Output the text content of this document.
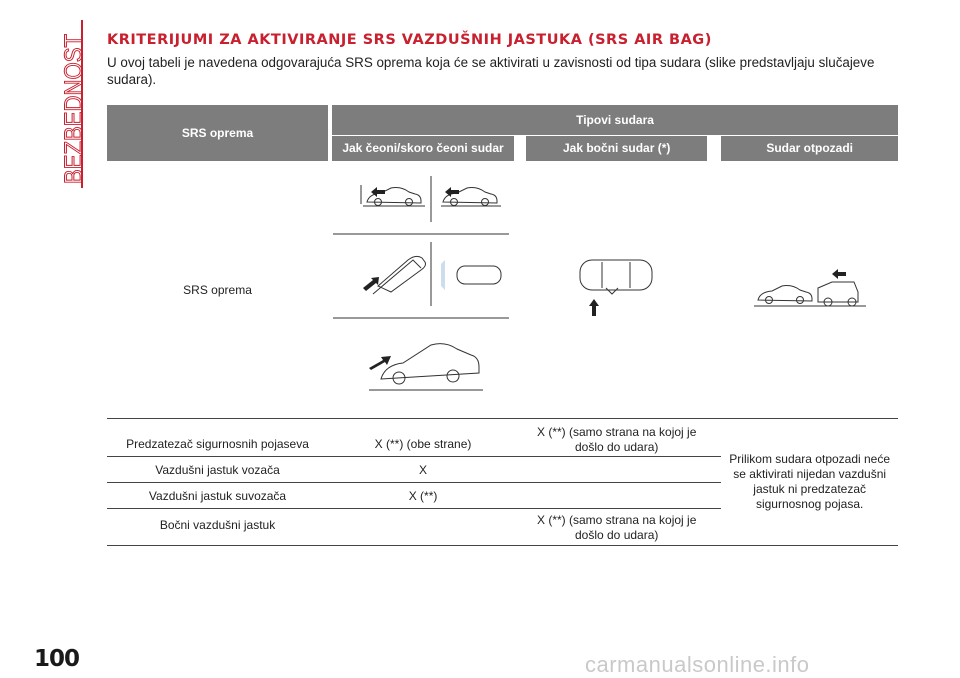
BEZBEDNOST KRITERIJUMI ZA AKTIVIRANJE SRS VAZDUŠNIH JASTUKA (SRS AIR BAG)
U ovoj tabeli je navedena odgovarajuća SRS oprema koja će se aktivirati u zavisnosti od tipa sudara (slike predstavljaju slučajeve sudara).
SRS oprema		Tipovi sudara				
		Jak čeoni/skoro čeoni sudar		Jak bočni sudar (*)		Sudar otpozadi
SRS oprema						
Predzatezač sigurnosnih pojaseva		X (**) (obe strane)		X (**) (samo strana na kojoj je došlo do udara)		Prilikom sudara otpozadi neće se aktivirati nijedan vazdušni jastuk ni predzatezač sigurnosnog pojasa.
Vazdušni jastuk vozača		X				
Vazdušni jastuk suvozača		X (**)				
Bočni vazdušni jastuk				X (**) (samo strana na kojoj je došlo do udara)		
100	carmanualsonline.info
